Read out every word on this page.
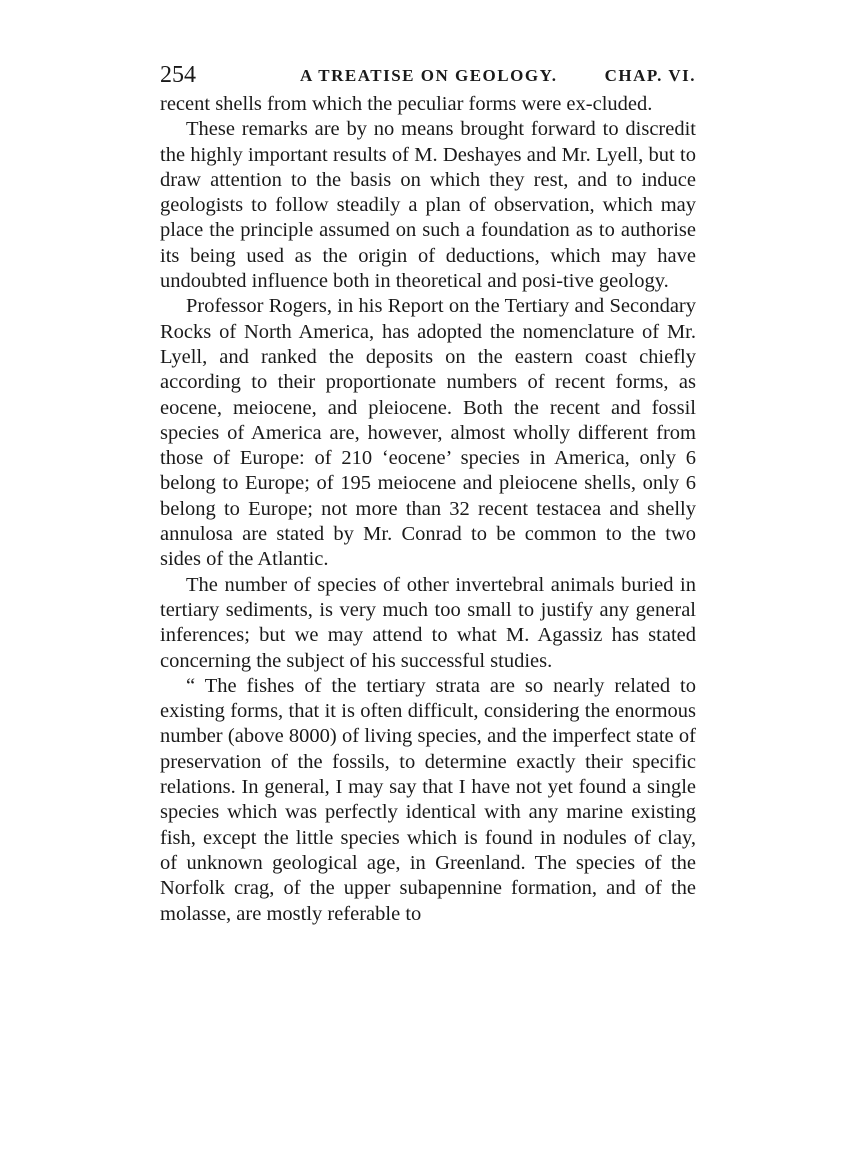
254	A TREATISE ON GEOLOGY.	CHAP. VI.

recent shells from which the peculiar forms were ex-cluded.

These remarks are by no means brought forward to discredit the highly important results of M. Deshayes and Mr. Lyell, but to draw attention to the basis on which they rest, and to induce geologists to follow steadily a plan of observation, which may place the principle assumed on such a foundation as to authorise its being used as the origin of deductions, which may have undoubted influence both in theoretical and posi-tive geology.

Professor Rogers, in his Report on the Tertiary and Secondary Rocks of North America, has adopted the nomenclature of Mr. Lyell, and ranked the deposits on the eastern coast chiefly according to their proportionate numbers of recent forms, as eocene, meiocene, and pleiocene. Both the recent and fossil species of America are, however, almost wholly different from those of Europe: of 210 ‘eocene’ species in America, only 6 belong to Europe; of 195 meiocene and pleiocene shells, only 6 belong to Europe; not more than 32 recent testacea and shelly annulosa are stated by Mr. Conrad to be common to the two sides of the Atlantic.

The number of species of other invertebral animals buried in tertiary sediments, is very much too small to justify any general inferences; but we may attend to what M. Agassiz has stated concerning the subject of his successful studies.

“ The fishes of the tertiary strata are so nearly related to existing forms, that it is often difficult, considering the enormous number (above 8000) of living species, and the imperfect state of preservation of the fossils, to determine exactly their specific relations. In general, I may say that I have not yet found a single species which was perfectly identical with any marine existing fish, except the little species which is found in nodules of clay, of unknown geological age, in Greenland. The species of the Norfolk crag, of the upper subapennine formation, and of the molasse, are mostly referable to
